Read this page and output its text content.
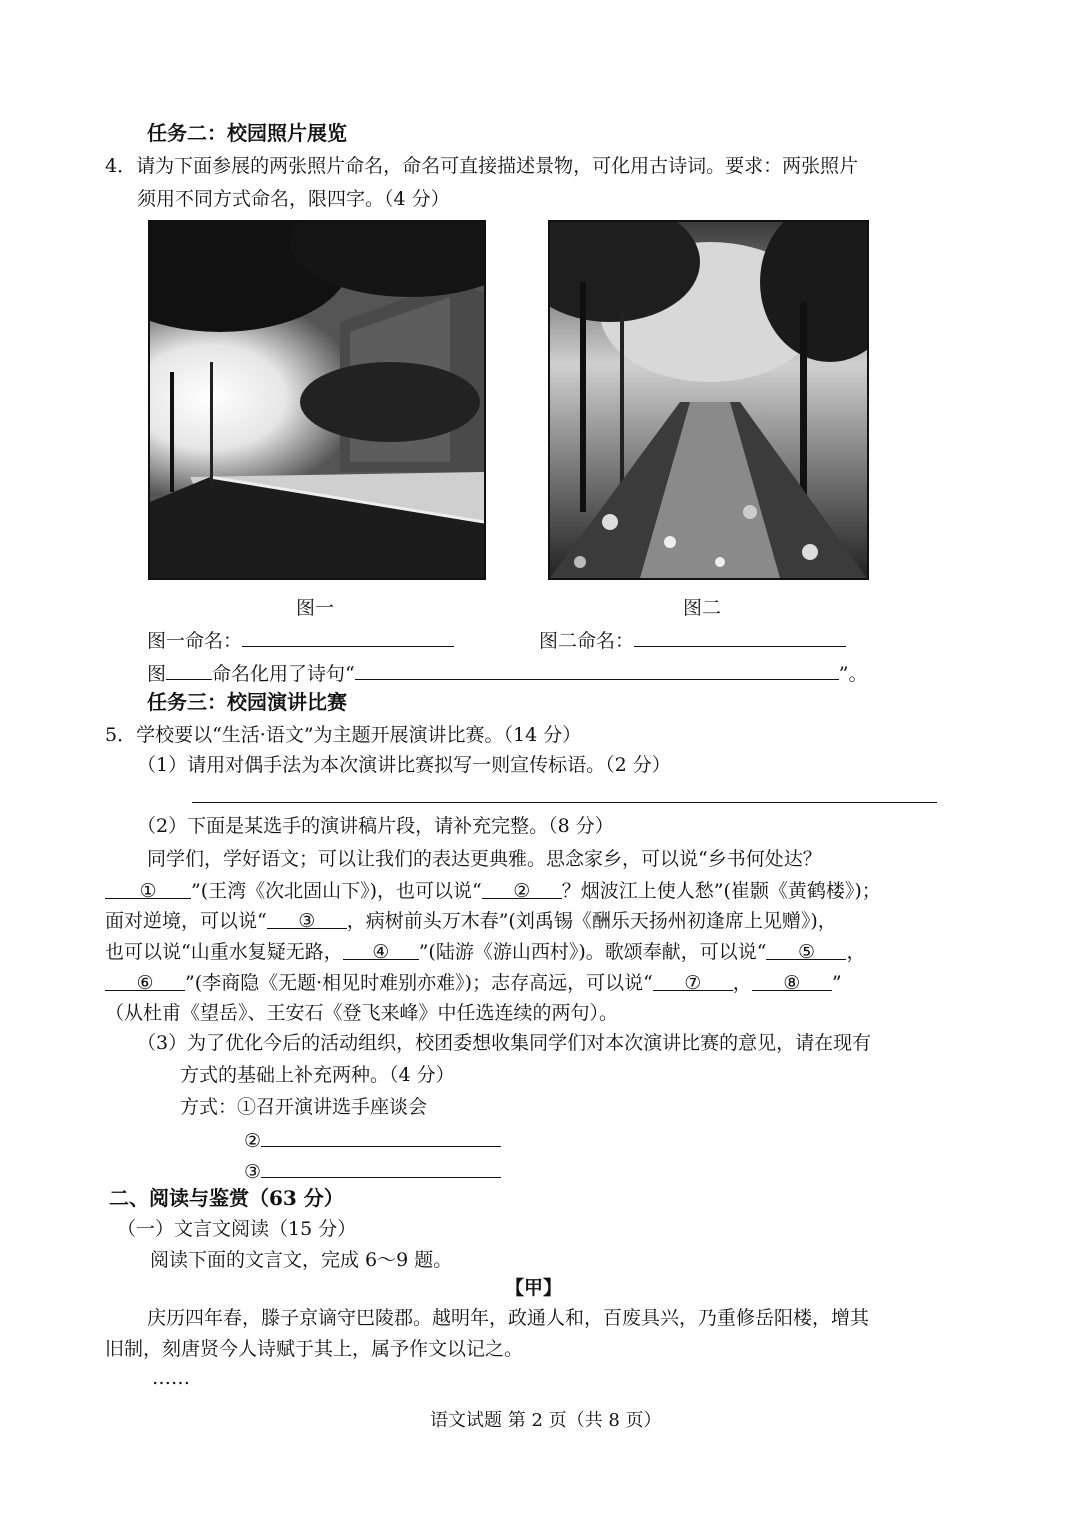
任务二：校园照片展览
4．请为下面参展的两张照片命名，命名可直接描述景物，可化用古诗词。要求：两张照片
须用不同方式命名，限四字。（4 分）
图一	图二
图一命名：	图二命名：
图 命名化用了诗句“	”。
任务三：校园演讲比赛
5．学校要以“生活·语文”为主题开展演讲比赛。（14 分）
（1）请用对偶手法为本次演讲比赛拟写一则宣传标语。（2 分）
（2）下面是某选手的演讲稿片段，请补充完整。（8 分）
同学们，学好语文；可以让我们的表达更典雅。思念家乡，可以说“乡书何处达？
① ”(王湾《次北固山下》)，也可以说“ ② ？烟波江上使人愁”(崔颢《黄鹤楼》)；
面对逆境，可以说“ ③ ，病树前头万木春”(刘禹锡《酬乐天扬州初逢席上见赠》)，
也可以说“山重水复疑无路， ④ ”(陆游《游山西村》)。歌颂奉献，可以说“ ⑤ ，
⑥ ”(李商隐《无题·相见时难别亦难》)；志存高远，可以说“ ⑦ ， ⑧ ”
（从杜甫《望岳》、王安石《登飞来峰》中任选连续的两句）。
（3）为了优化今后的活动组织，校团委想收集同学们对本次演讲比赛的意见，请在现有
方式的基础上补充两种。（4 分）
方式：①召开演讲选手座谈会
②
③
二、阅读与鉴赏（63 分）
（一）文言文阅读（15 分）
阅读下面的文言文，完成 6～9 题。
【甲】
庆历四年春，滕子京谪守巴陵郡。越明年，政通人和，百废具兴，乃重修岳阳楼，增其
旧制，刻唐贤今人诗赋于其上，属予作文以记之。
……
语文试题 第 2 页（共 8 页）
